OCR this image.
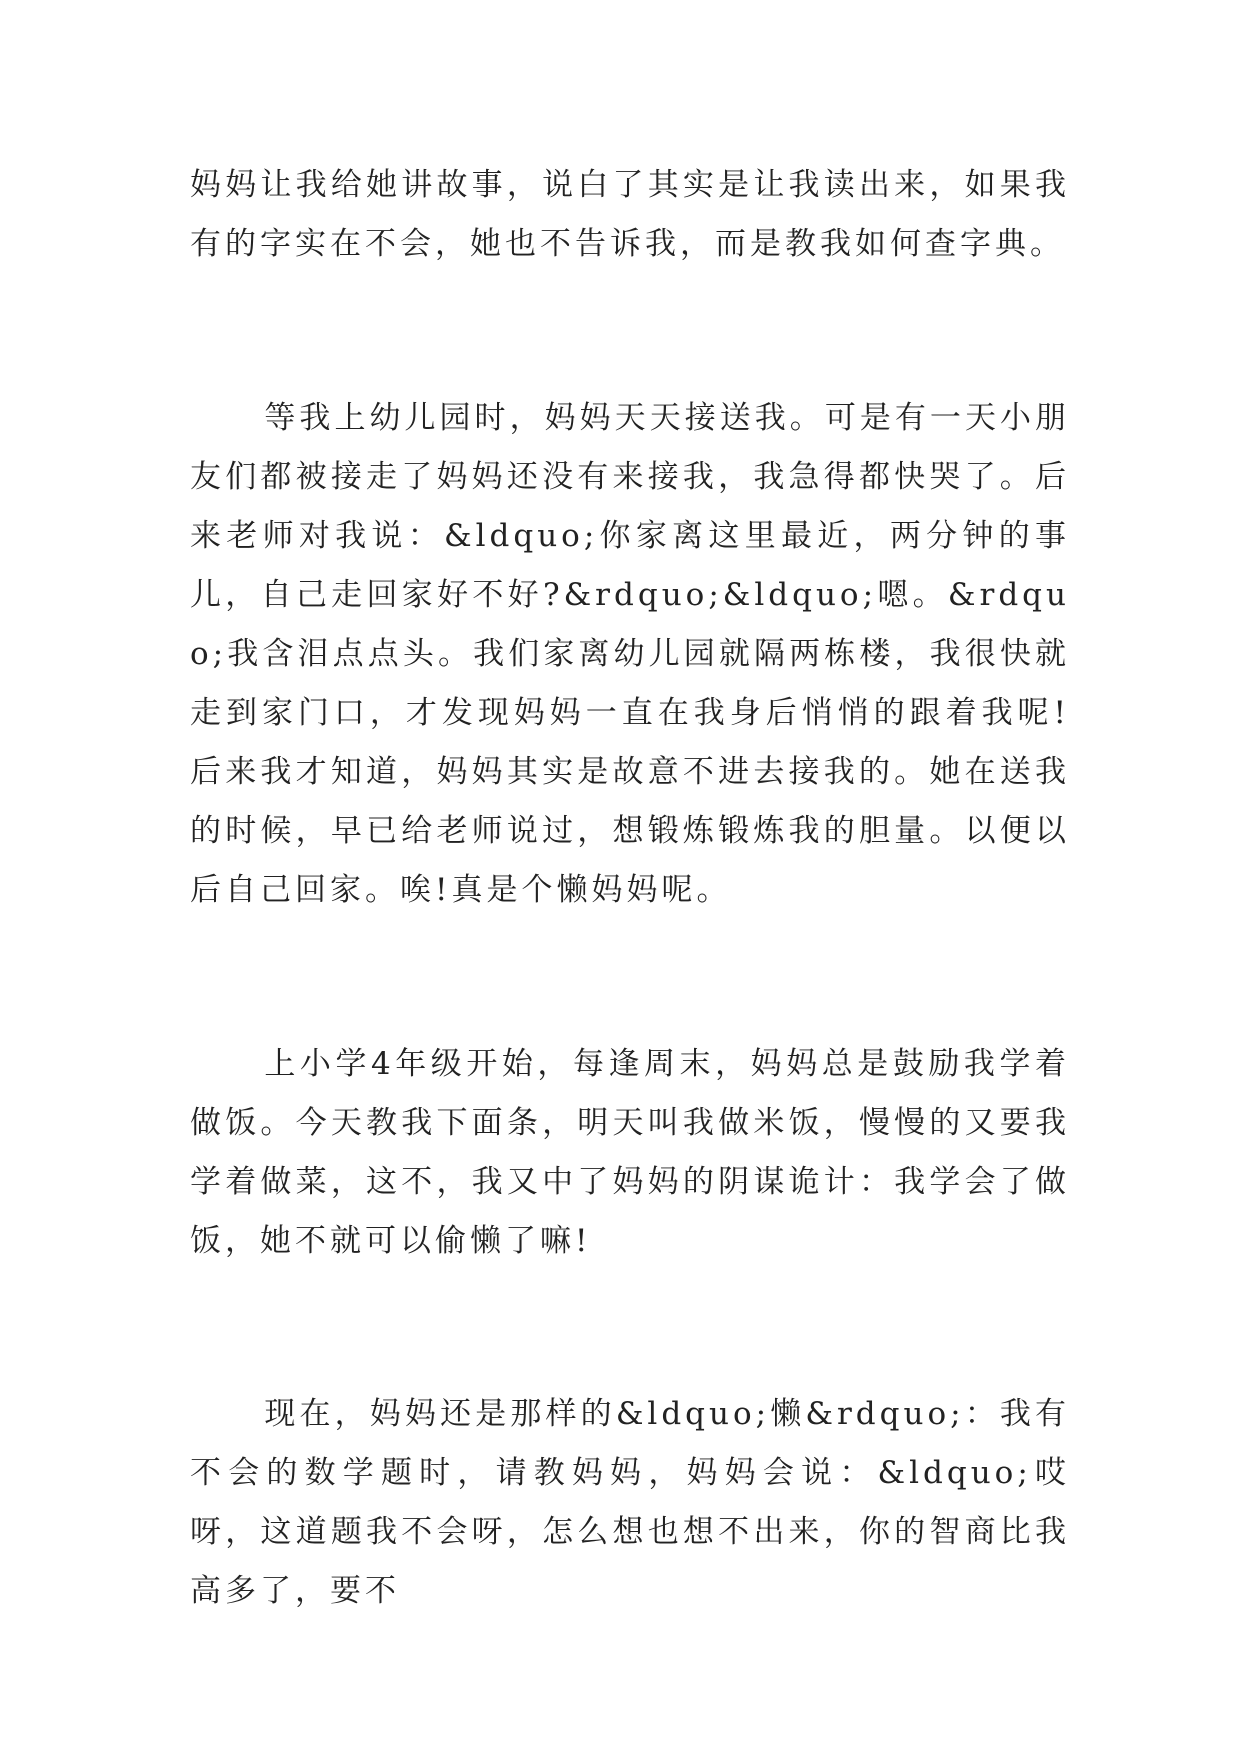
妈妈让我给她讲故事，说白了其实是让我读出来，如果我有的字实在不会，她也不告诉我，而是教我如何查字典。

等我上幼儿园时，妈妈天天接送我。可是有一天小朋友们都被接走了妈妈还没有来接我，我急得都快哭了。后来老师对我说：&ldquo;你家离这里最近，两分钟的事儿，自己走回家好不好?&rdquo;&ldquo;嗯。&rdquo;我含泪点点头。我们家离幼儿园就隔两栋楼，我很快就走到家门口，才发现妈妈一直在我身后悄悄的跟着我呢!后来我才知道，妈妈其实是故意不进去接我的。她在送我的时候，早已给老师说过，想锻炼锻炼我的胆量。以便以后自己回家。唉!真是个懒妈妈呢。

上小学4年级开始，每逢周末，妈妈总是鼓励我学着做饭。今天教我下面条，明天叫我做米饭，慢慢的又要我学着做菜，这不，我又中了妈妈的阴谋诡计：我学会了做饭，她不就可以偷懒了嘛!

现在，妈妈还是那样的&ldquo;懒&rdquo;：我有不会的数学题时，请教妈妈，妈妈会说：&ldquo;哎呀，这道题我不会呀，怎么想也想不出来，你的智商比我高多了，要不
